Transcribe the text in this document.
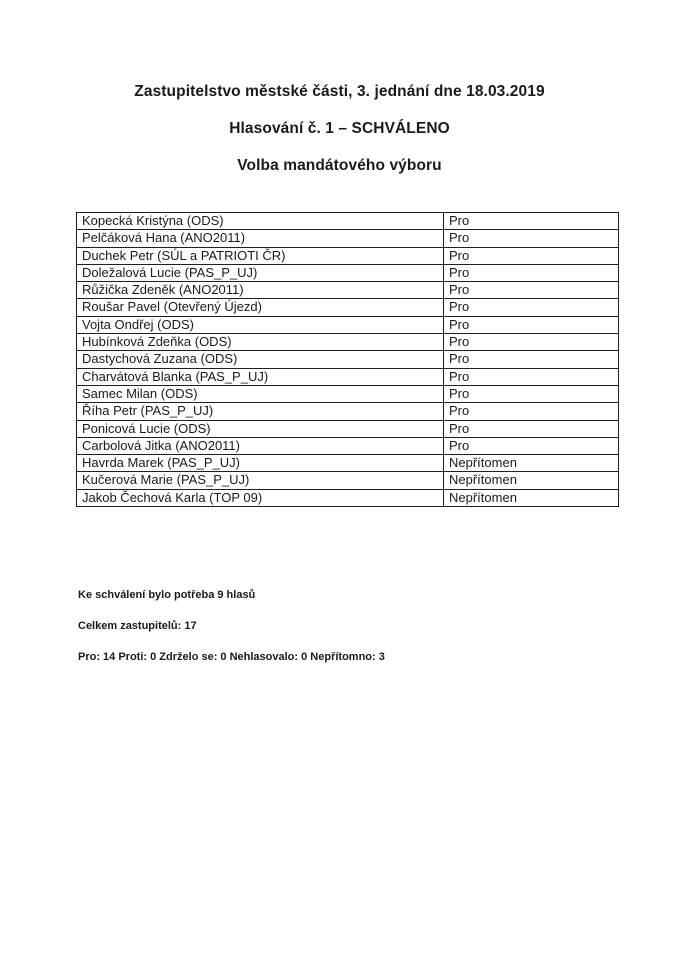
Zastupitelstvo městské části, 3. jednání dne 18.03.2019

Hlasování č. 1 – SCHVÁLENO

Volba mandátového výboru

Kopecká Kristýna (ODS)	Pro
Pelčáková Hana (ANO2011)	Pro
Duchek Petr (SÚL a PATRIOTI ČR)	Pro
Doležalová Lucie (PAS_P_UJ)	Pro
Růžička Zdeněk (ANO2011)	Pro
Roušar Pavel (Otevřený Újezd)	Pro
Vojta Ondřej (ODS)	Pro
Hubínková Zdeňka (ODS)	Pro
Dastychová Zuzana (ODS)	Pro
Charvátová Blanka (PAS_P_UJ)	Pro
Samec Milan (ODS)	Pro
Říha Petr (PAS_P_UJ)	Pro
Ponicová Lucie (ODS)	Pro
Carbolová Jitka (ANO2011)	Pro
Havrda Marek (PAS_P_UJ)	Nepřítomen
Kučerová Marie (PAS_P_UJ)	Nepřítomen
Jakob Čechová Karla (TOP 09)	Nepřítomen

Ke schválení bylo potřeba 9 hlasů

Celkem zastupitelů: 17

Pro: 14 Proti: 0 Zdrželo se: 0 Nehlasovalo: 0 Nepřítomno: 3
